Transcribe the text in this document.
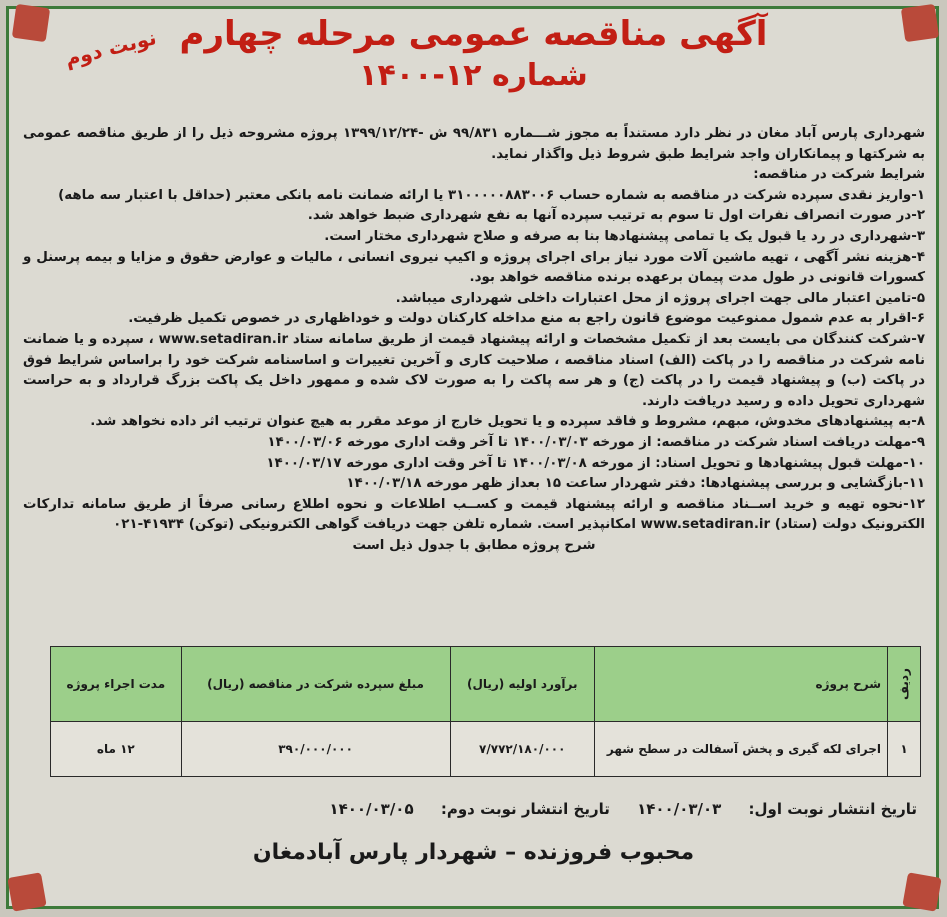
آگهی مناقصه عمومی مرحله چهارم

شماره ۱۲-۱۴۰۰

نوبت دوم

شهرداری پارس آباد مغان در نظر دارد مستنداً به مجوز شـــماره ۹۹/۸۳۱ ش -۱۳۹۹/۱۲/۲۴ پروژه مشروحه ذیل را از طریق مناقصه عمومی به شرکتها و پیمانکاران واجد شرایط طبق شروط ذیل واگذار نماید.

شرایط شرکت در مناقصه:

۱-واریز نقدی سپرده شرکت در مناقصه به شماره حساب ۳۱۰۰۰۰۰۸۸۳۰۰۶ یا ارائه ضمانت نامه بانکی معتبر (حداقل با اعتبار سه ماهه)

۲-در صورت انصراف نفرات اول تا سوم به ترتیب سپرده آنها به نفع شهرداری ضبط خواهد شد.

۳-شهرداری در رد یا قبول یک یا تمامی پیشنهادها بنا به صرفه و صلاح شهرداری مختار است.

۴-هزینه نشر آگهی ، تهیه ماشین آلات مورد نیاز برای اجرای پروژه و اکیپ نیروی انسانی ، مالیات و عوارض حقوق و مزایا و بیمه پرسنل و کسورات قانونی در طول مدت پیمان برعهده برنده مناقصه خواهد بود.

۵-تامین اعتبار مالی جهت اجرای پروژه از محل اعتبارات داخلی شهرداری میباشد.

۶-اقرار به عدم شمول ممنوعیت موضوع قانون راجع به منع مداخله کارکنان دولت و خوداظهاری در خصوص تکمیل ظرفیت.

۷-شرکت کنندگان می بایست بعد از تکمیل مشخصات و ارائه پیشنهاد قیمت از طریق سامانه ستاد www.setadiran.ir ، سپرده و یا ضمانت نامه شرکت در مناقصه را در پاکت (الف) اسناد مناقصه ، صلاحیت کاری و آخرین تغییرات و اساسنامه شرکت خود را براساس شرایط فوق در پاکت (ب) و پیشنهاد قیمت را در پاکت (ج) و هر سه پاکت را به صورت لاک شده و ممهور داخل یک پاکت بزرگ قرارداد و به حراست شهرداری تحویل داده و رسید دریافت دارند.

۸-به پیشنهادهای مخدوش، مبهم، مشروط و فاقد سپرده و یا تحویل خارج از موعد مقرر به هیچ عنوان ترتیب اثر داده نخواهد شد.

۹-مهلت دریافت اسناد شرکت در مناقصه: از مورخه ۱۴۰۰/۰۳/۰۳ تا آخر وقت اداری مورخه ۱۴۰۰/۰۳/۰۶

۱۰-مهلت قبول پیشنهادها و تحویل اسناد: از مورخه ۱۴۰۰/۰۳/۰۸ تا آخر وقت اداری مورخه ۱۴۰۰/۰۳/۱۷

۱۱-بازگشایی و بررسی پیشنهادها: دفتر شهردار ساعت ۱۵ بعداز ظهر مورخه ۱۴۰۰/۰۳/۱۸

۱۲-نحوه تهیه و خرید اســناد مناقصه و ارائه پیشنهاد قیمت و کســب اطلاعات و نحوه اطلاع رسانی صرفاً از طریق سامانه تدارکات الکترونیک دولت (ستاد) www.setadiran.ir امکانپذیر است. شماره تلفن جهت دریافت گواهی الکترونیکی (توکن) ۴۱۹۳۴-۰۲۱

شرح پروژه مطابق با جدول ذیل است

ردیف	شرح پروژه	برآورد اولیه (ریال)	مبلغ سپرده شرکت در مناقصه (ریال)	مدت اجراء پروژه
۱	اجرای لکه گیری و پخش آسفالت در سطح شهر	۷/۷۷۲/۱۸۰/۰۰۰	۳۹۰/۰۰۰/۰۰۰	۱۲ ماه
تاریخ انتشار نوبت اول: ۱۴۰۰/۰۳/۰۳ تاریخ انتشار نوبت دوم: ۱۴۰۰/۰۳/۰۵
محبوب فروزنده – شهردار پارس آبادمغان
